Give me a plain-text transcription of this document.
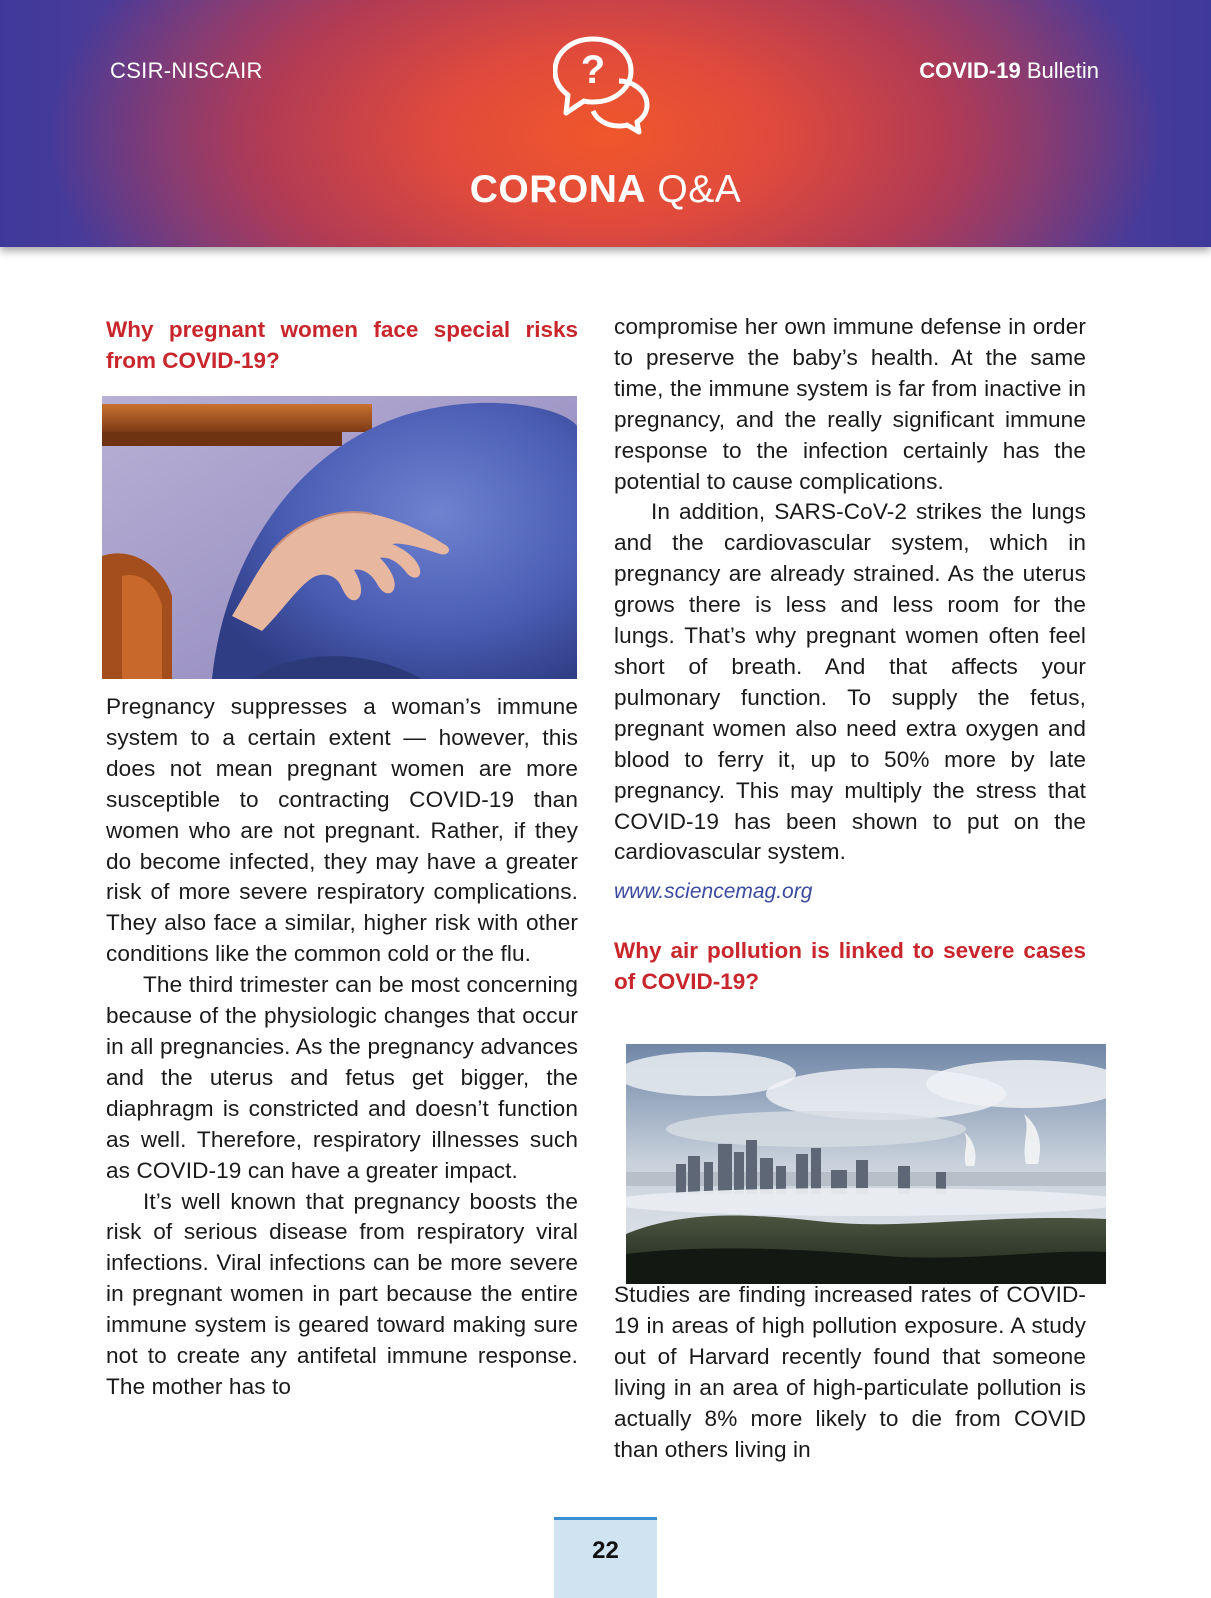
CSIR-NISCAIR	?	COVID-19 Bulletin
CORONA Q&A

Why pregnant women face special risks from COVID-19?

Pregnancy suppresses a woman’s immune system to a certain extent — however, this does not mean pregnant women are more susceptible to contracting COVID-19 than women who are not pregnant. Rather, if they do become infected, they may have a greater risk of more severe respiratory complications. They also face a similar, higher risk with other conditions like the common cold or the flu.

The third trimester can be most concerning because of the physiologic changes that occur in all pregnancies. As the pregnancy advances and the uterus and fetus get bigger, the diaphragm is constricted and doesn’t function as well. Therefore, respiratory illnesses such as COVID-19 can have a greater impact.

It’s well known that pregnancy boosts the risk of serious disease from respiratory viral infections. Viral infections can be more severe in pregnant women in part because the entire immune system is geared toward making sure not to create any antifetal immune response. The mother has to

compromise her own immune defense in order to preserve the baby’s health. At the same time, the immune system is far from inactive in pregnancy, and the really significant immune response to the infection certainly has the potential to cause complications.

In addition, SARS-CoV-2 strikes the lungs and the cardiovascular system, which in pregnancy are already strained. As the uterus grows there is less and less room for the lungs. That’s why pregnant women often feel short of breath. And that affects your pulmonary function. To supply the fetus, pregnant women also need extra oxygen and blood to ferry it, up to 50% more by late pregnancy. This may multiply the stress that COVID-19 has been shown to put on the cardiovascular system.

www.sciencemag.org

Why air pollution is linked to severe cases of COVID-19?

Studies are finding increased rates of COVID-19 in areas of high pollution exposure. A study out of Harvard recently found that someone living in an area of high-particulate pollution is actually 8% more likely to die from COVID than others living in

22
